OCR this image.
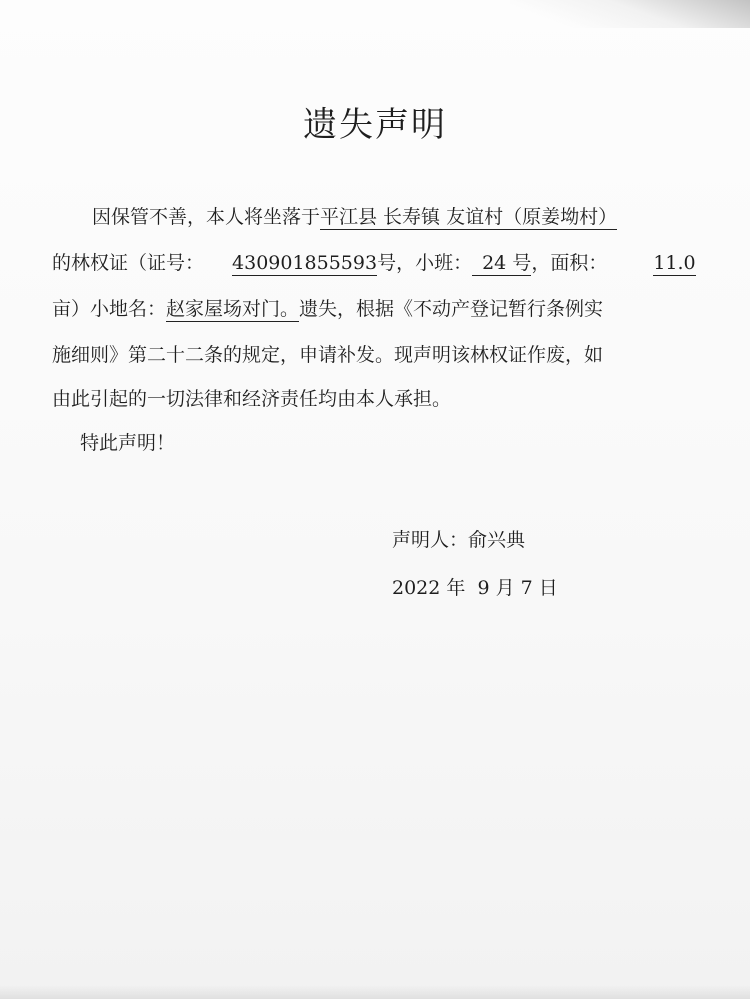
遗失声明
因保管不善，本人将坐落于平江县 长寿镇 友谊村（原姜坳村）
的林权证（证号： 430901855593号，小班： 24 号，面积： 11.0
亩）小地名：赵家屋场对门。遗失，根据《不动产登记暂行条例实
施细则》第二十二条的规定，申请补发。现声明该林权证作废，如
由此引起的一切法律和经济责任均由本人承担。
特此声明！
声明人：俞兴典
2022 年  9 月 7 日
